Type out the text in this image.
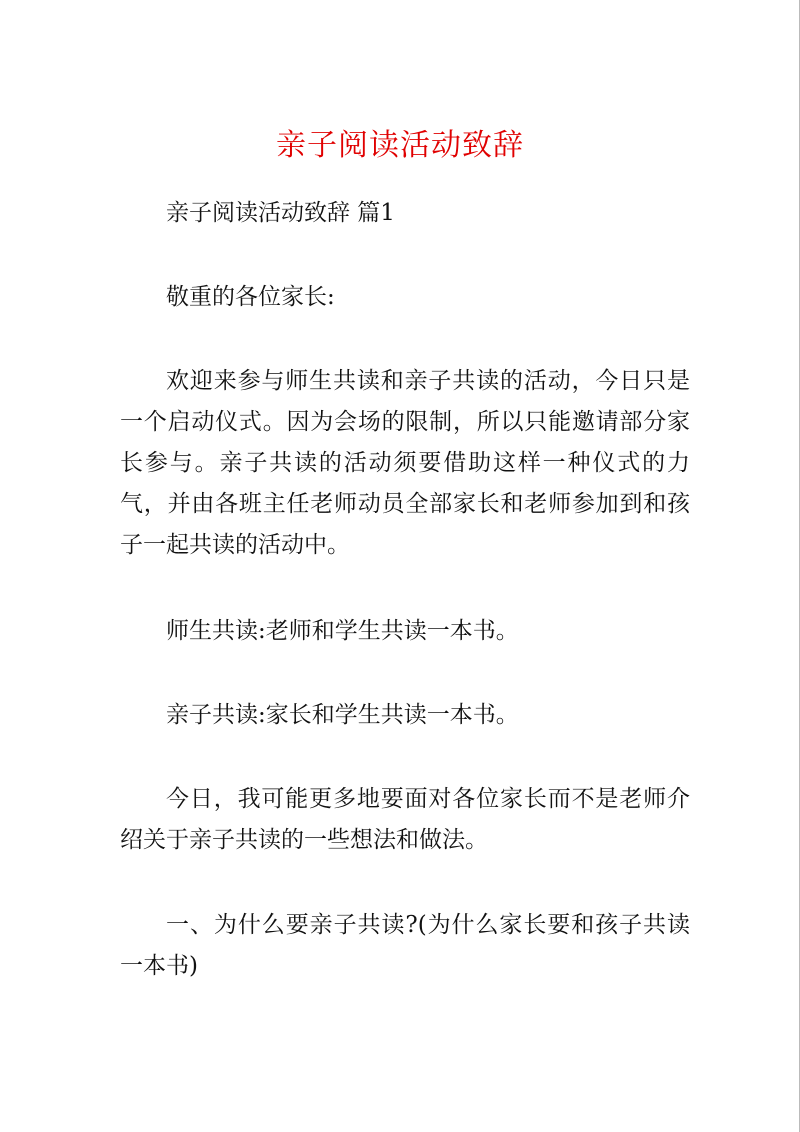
亲子阅读活动致辞

亲子阅读活动致辞 篇1

敬重的各位家长:

欢迎来参与师生共读和亲子共读的活动，今日只是一个启动仪式。因为会场的限制，所以只能邀请部分家长参与。亲子共读的活动须要借助这样一种仪式的力气，并由各班主任老师动员全部家长和老师参加到和孩子一起共读的活动中。

师生共读:老师和学生共读一本书。

亲子共读:家长和学生共读一本书。

今日，我可能更多地要面对各位家长而不是老师介绍关于亲子共读的一些想法和做法。

一、为什么要亲子共读?(为什么家长要和孩子共读一本书)
